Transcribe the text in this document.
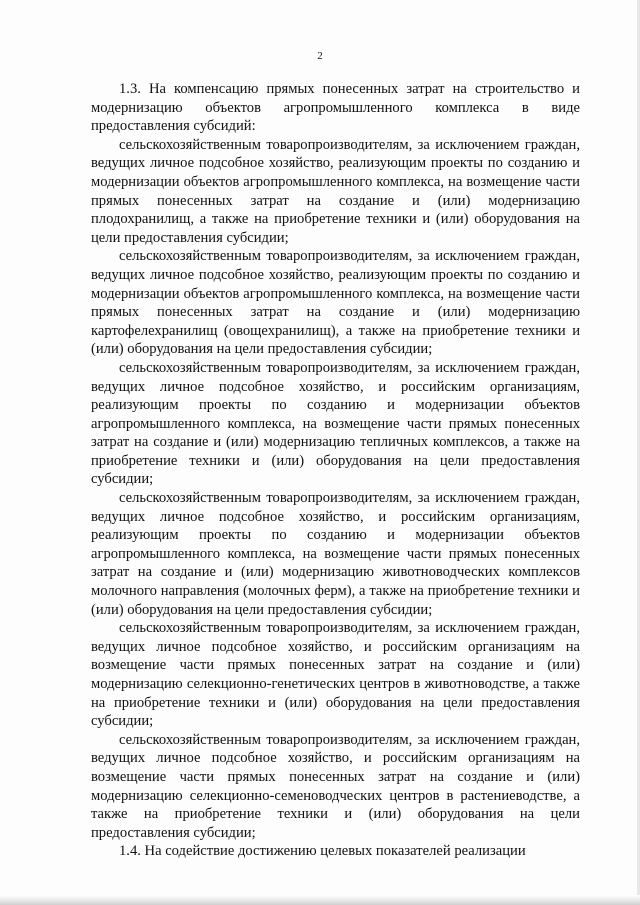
2

1.3. На компенсацию прямых понесенных затрат на строительство и модернизацию объектов агропромышленного комплекса в виде предоставления субсидий:

сельскохозяйственным товаропроизводителям, за исключением граждан, ведущих личное подсобное хозяйство, реализующим проекты по созданию и модернизации объектов агропромышленного комплекса, на возмещение части прямых понесенных затрат на создание и (или) модернизацию плодохранилищ, а также на приобретение техники и (или) оборудования на цели предоставления субсидии;

сельскохозяйственным товаропроизводителям, за исключением граждан, ведущих личное подсобное хозяйство, реализующим проекты по созданию и модернизации объектов агропромышленного комплекса, на возмещение части прямых понесенных затрат на создание и (или) модернизацию картофелехранилищ (овощехранилищ), а также на приобретение техники и (или) оборудования на цели предоставления субсидии;

сельскохозяйственным товаропроизводителям, за исключением граждан, ведущих личное подсобное хозяйство, и российским организациям, реализующим проекты по созданию и модернизации объектов агропромышленного комплекса, на возмещение части прямых понесенных затрат на создание и (или) модернизацию тепличных комплексов, а также на приобретение техники и (или) оборудования на цели предоставления субсидии;

сельскохозяйственным товаропроизводителям, за исключением граждан, ведущих личное подсобное хозяйство, и российским организациям, реализующим проекты по созданию и модернизации объектов агропромышленного комплекса, на возмещение части прямых понесенных затрат на создание и (или) модернизацию животноводческих комплексов молочного направления (молочных ферм), а также на приобретение техники и (или) оборудования на цели предоставления субсидии;

сельскохозяйственным товаропроизводителям, за исключением граждан, ведущих личное подсобное хозяйство, и российским организациям на возмещение части прямых понесенных затрат на создание и (или) модернизацию селекционно-генетических центров в животноводстве, а также на приобретение техники и (или) оборудования на цели предоставления субсидии;

сельскохозяйственным товаропроизводителям, за исключением граждан, ведущих личное подсобное хозяйство, и российским организациям на возмещение части прямых понесенных затрат на создание и (или) модернизацию селекционно-семеноводческих центров в растениеводстве, а также на приобретение техники и (или) оборудования на цели предоставления субсидии;

1.4. На содействие достижению целевых показателей реализации
